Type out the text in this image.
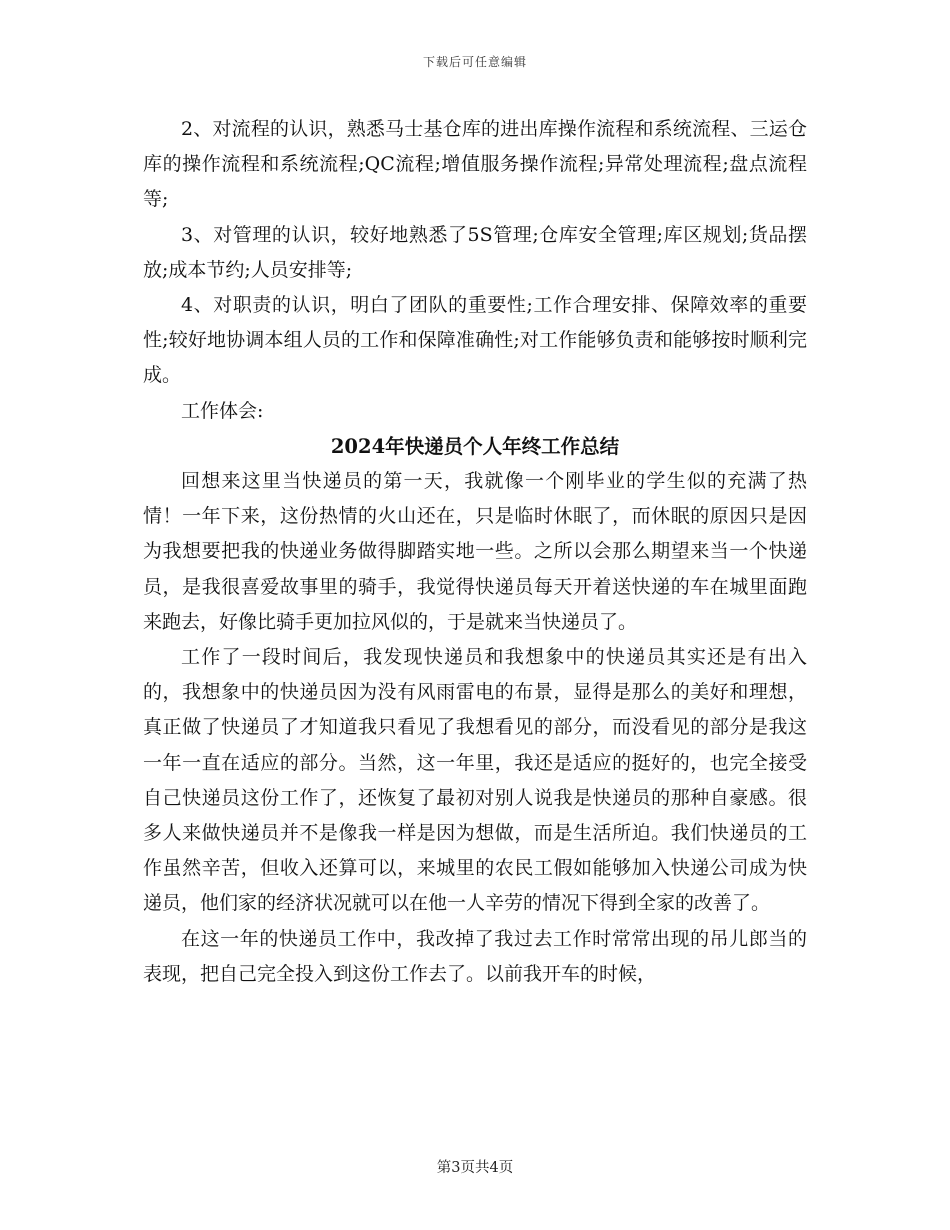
下载后可任意编辑

2、对流程的认识，熟悉马士基仓库的进出库操作流程和系统流程、三运仓库的操作流程和系统流程;QC流程;增值服务操作流程;异常处理流程;盘点流程等;

3、对管理的认识，较好地熟悉了5S管理;仓库安全管理;库区规划;货品摆放;成本节约;人员安排等;

4、对职责的认识，明白了团队的重要性;工作合理安排、保障效率的重要性;较好地协调本组人员的工作和保障准确性;对工作能够负责和能够按时顺利完成。

工作体会:

2024年快递员个人年终工作总结

回想来这里当快递员的第一天，我就像一个刚毕业的学生似的充满了热情！一年下来，这份热情的火山还在，只是临时休眠了，而休眠的原因只是因为我想要把我的快递业务做得脚踏实地一些。之所以会那么期望来当一个快递员，是我很喜爱故事里的骑手，我觉得快递员每天开着送快递的车在城里面跑来跑去，好像比骑手更加拉风似的，于是就来当快递员了。

工作了一段时间后，我发现快递员和我想象中的快递员其实还是有出入的，我想象中的快递员因为没有风雨雷电的布景，显得是那么的美好和理想，真正做了快递员了才知道我只看见了我想看见的部分，而没看见的部分是我这一年一直在适应的部分。当然，这一年里，我还是适应的挺好的，也完全接受自己快递员这份工作了，还恢复了最初对别人说我是快递员的那种自豪感。很多人来做快递员并不是像我一样是因为想做，而是生活所迫。我们快递员的工作虽然辛苦，但收入还算可以，来城里的农民工假如能够加入快递公司成为快递员，他们家的经济状况就可以在他一人辛劳的情况下得到全家的改善了。

在这一年的快递员工作中，我改掉了我过去工作时常常出现的吊儿郎当的表现，把自己完全投入到这份工作去了。以前我开车的时候，

第3页共4页
